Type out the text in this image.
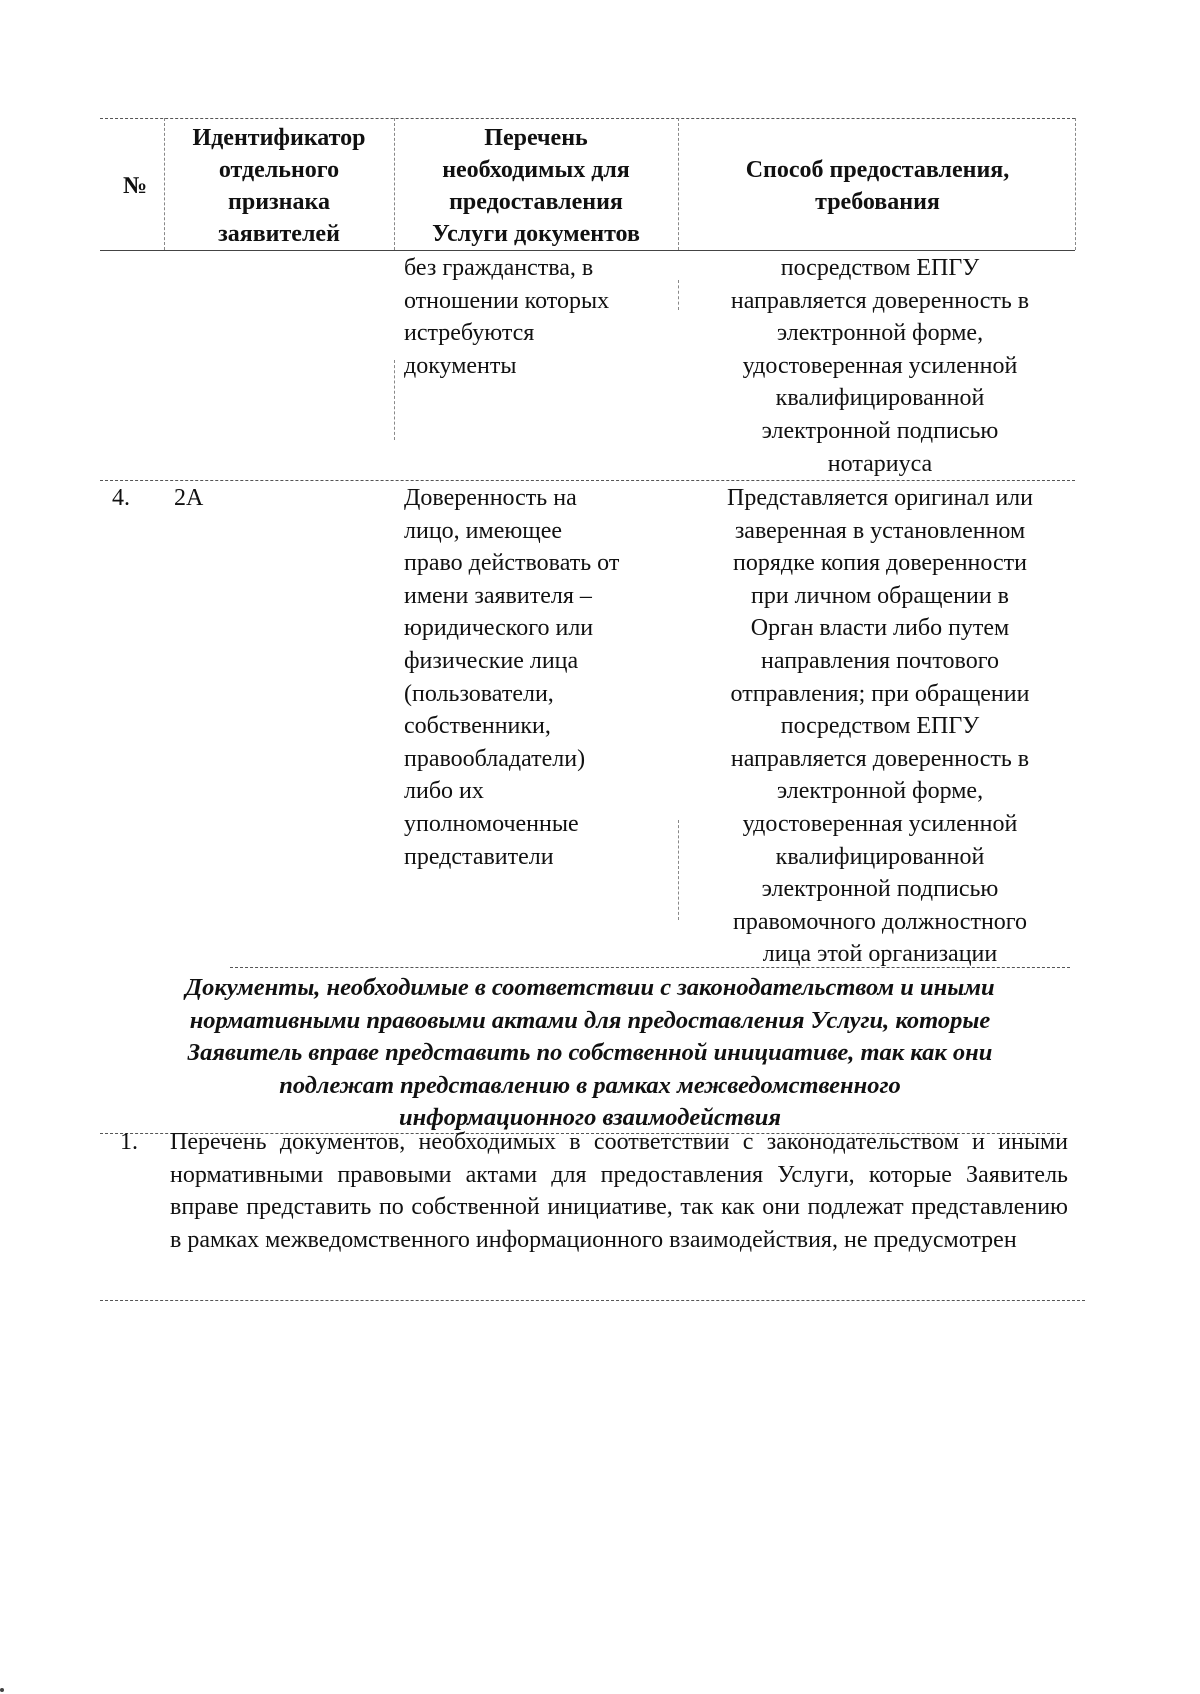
№
Идентификатор
отдельного
признака
заявителей
Перечень
необходимых для
предоставления
Услуги документов
Способ предоставления,
требования
без гражданства, в
отношении которых
истребуются
документы
посредством ЕПГУ
направляется доверенность в
электронной форме,
удостоверенная усиленной
квалифицированной
электронной подписью
нотариуса
4.	2А	Доверенность на
лицо, имеющее
право действовать от
имени заявителя –
юридического или
физические лица
(пользователи,
собственники,
правообладатели)
либо их
уполномоченные
представители
Представляется оригинал или
заверенная в установленном
порядке копия доверенности
при личном обращении в
Орган власти либо путем
направления почтового
отправления; при обращении
посредством ЕПГУ
направляется доверенность в
электронной форме,
удостоверенная усиленной
квалифицированной
электронной подписью
правомочного должностного
лица этой организации
Документы, необходимые в соответствии с законодательством и иными
нормативными правовыми актами для предоставления Услуги, которые
Заявитель вправе представить по собственной инициативе, так как они
подлежат представлению в рамках межведомственного
информационного взаимодействия
1. Перечень документов, необходимых в соответствии с законодательством и иными нормативными правовыми актами для предоставления Услуги, которые Заявитель вправе представить по собственной инициативе, так как они подлежат представлению в рамках межведомственного информационного взаимодействия, не предусмотрен
